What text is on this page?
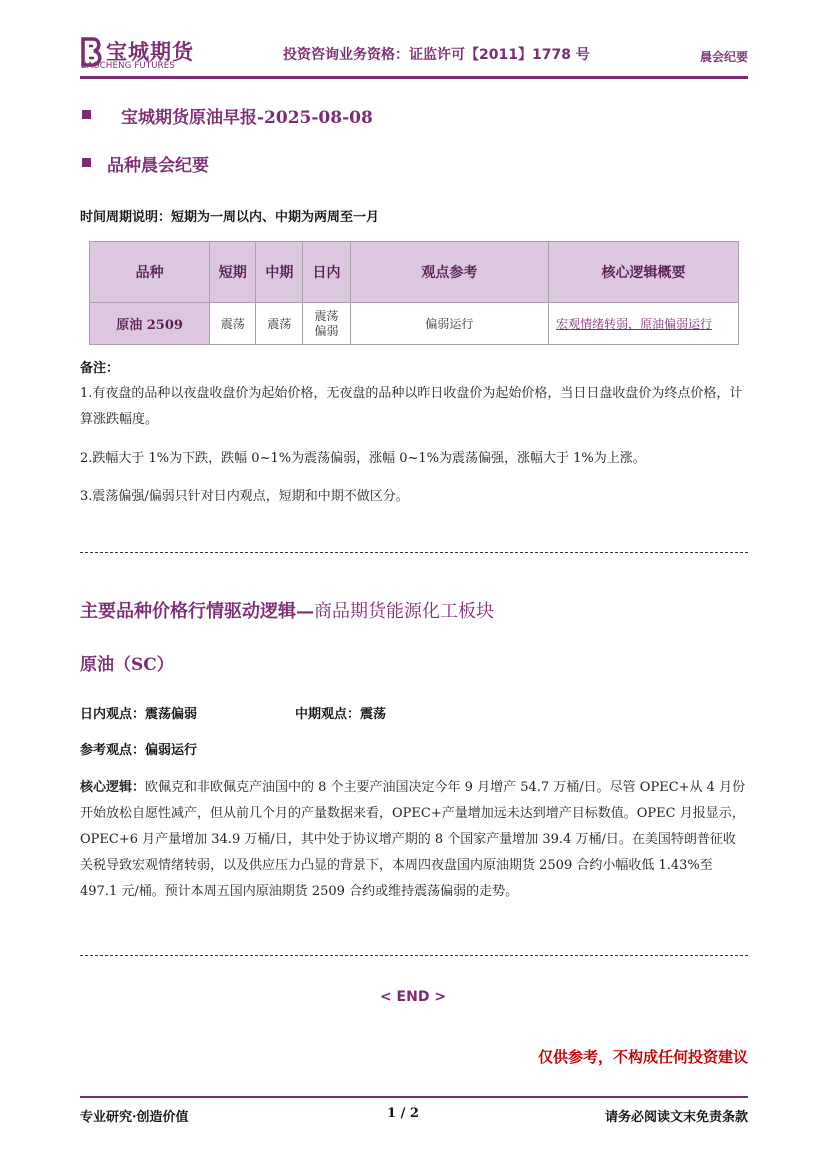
宝城期货
BAOCHENG FUTURES
投资咨询业务资格：证监许可【2011】1778 号	晨会纪要
宝城期货原油早报-2025-08-08
品种晨会纪要
时间周期说明：短期为一周以内、中期为两周至一月
品种	短期	中期	日内	观点参考	核心逻辑概要
原油 2509	震荡	震荡	震荡偏弱	偏弱运行	宏观情绪转弱，原油偏弱运行
备注：
1.有夜盘的品种以夜盘收盘价为起始价格，无夜盘的品种以昨日收盘价为起始价格，当日日盘收盘价为终点价格，计算涨跌幅度。
2.跌幅大于 1%为下跌，跌幅 0~1%为震荡偏弱，涨幅 0~1%为震荡偏强，涨幅大于 1%为上涨。
3.震荡偏强/偏弱只针对日内观点，短期和中期不做区分。
主要品种价格行情驱动逻辑—商品期货能源化工板块
原油（SC）
日内观点：震荡偏弱	中期观点：震荡
参考观点：偏弱运行
核心逻辑：欧佩克和非欧佩克产油国中的 8 个主要产油国决定今年 9 月增产 54.7 万桶/日。尽管 OPEC+从 4 月份开始放松自愿性减产，但从前几个月的产量数据来看，OPEC+产量增加远未达到增产目标数值。OPEC 月报显示，OPEC+6 月产量增加 34.9 万桶/日，其中处于协议增产期的 8 个国家产量增加 39.4 万桶/日。在美国特朗普征收关税导致宏观情绪转弱，以及供应压力凸显的背景下，本周四夜盘国内原油期货 2509 合约小幅收低 1.43%至 497.1 元/桶。预计本周五国内原油期货 2509 合约或维持震荡偏弱的走势。
< END >
仅供参考，不构成任何投资建议
专业研究·创造价值	1 / 2	请务必阅读文末免责条款
